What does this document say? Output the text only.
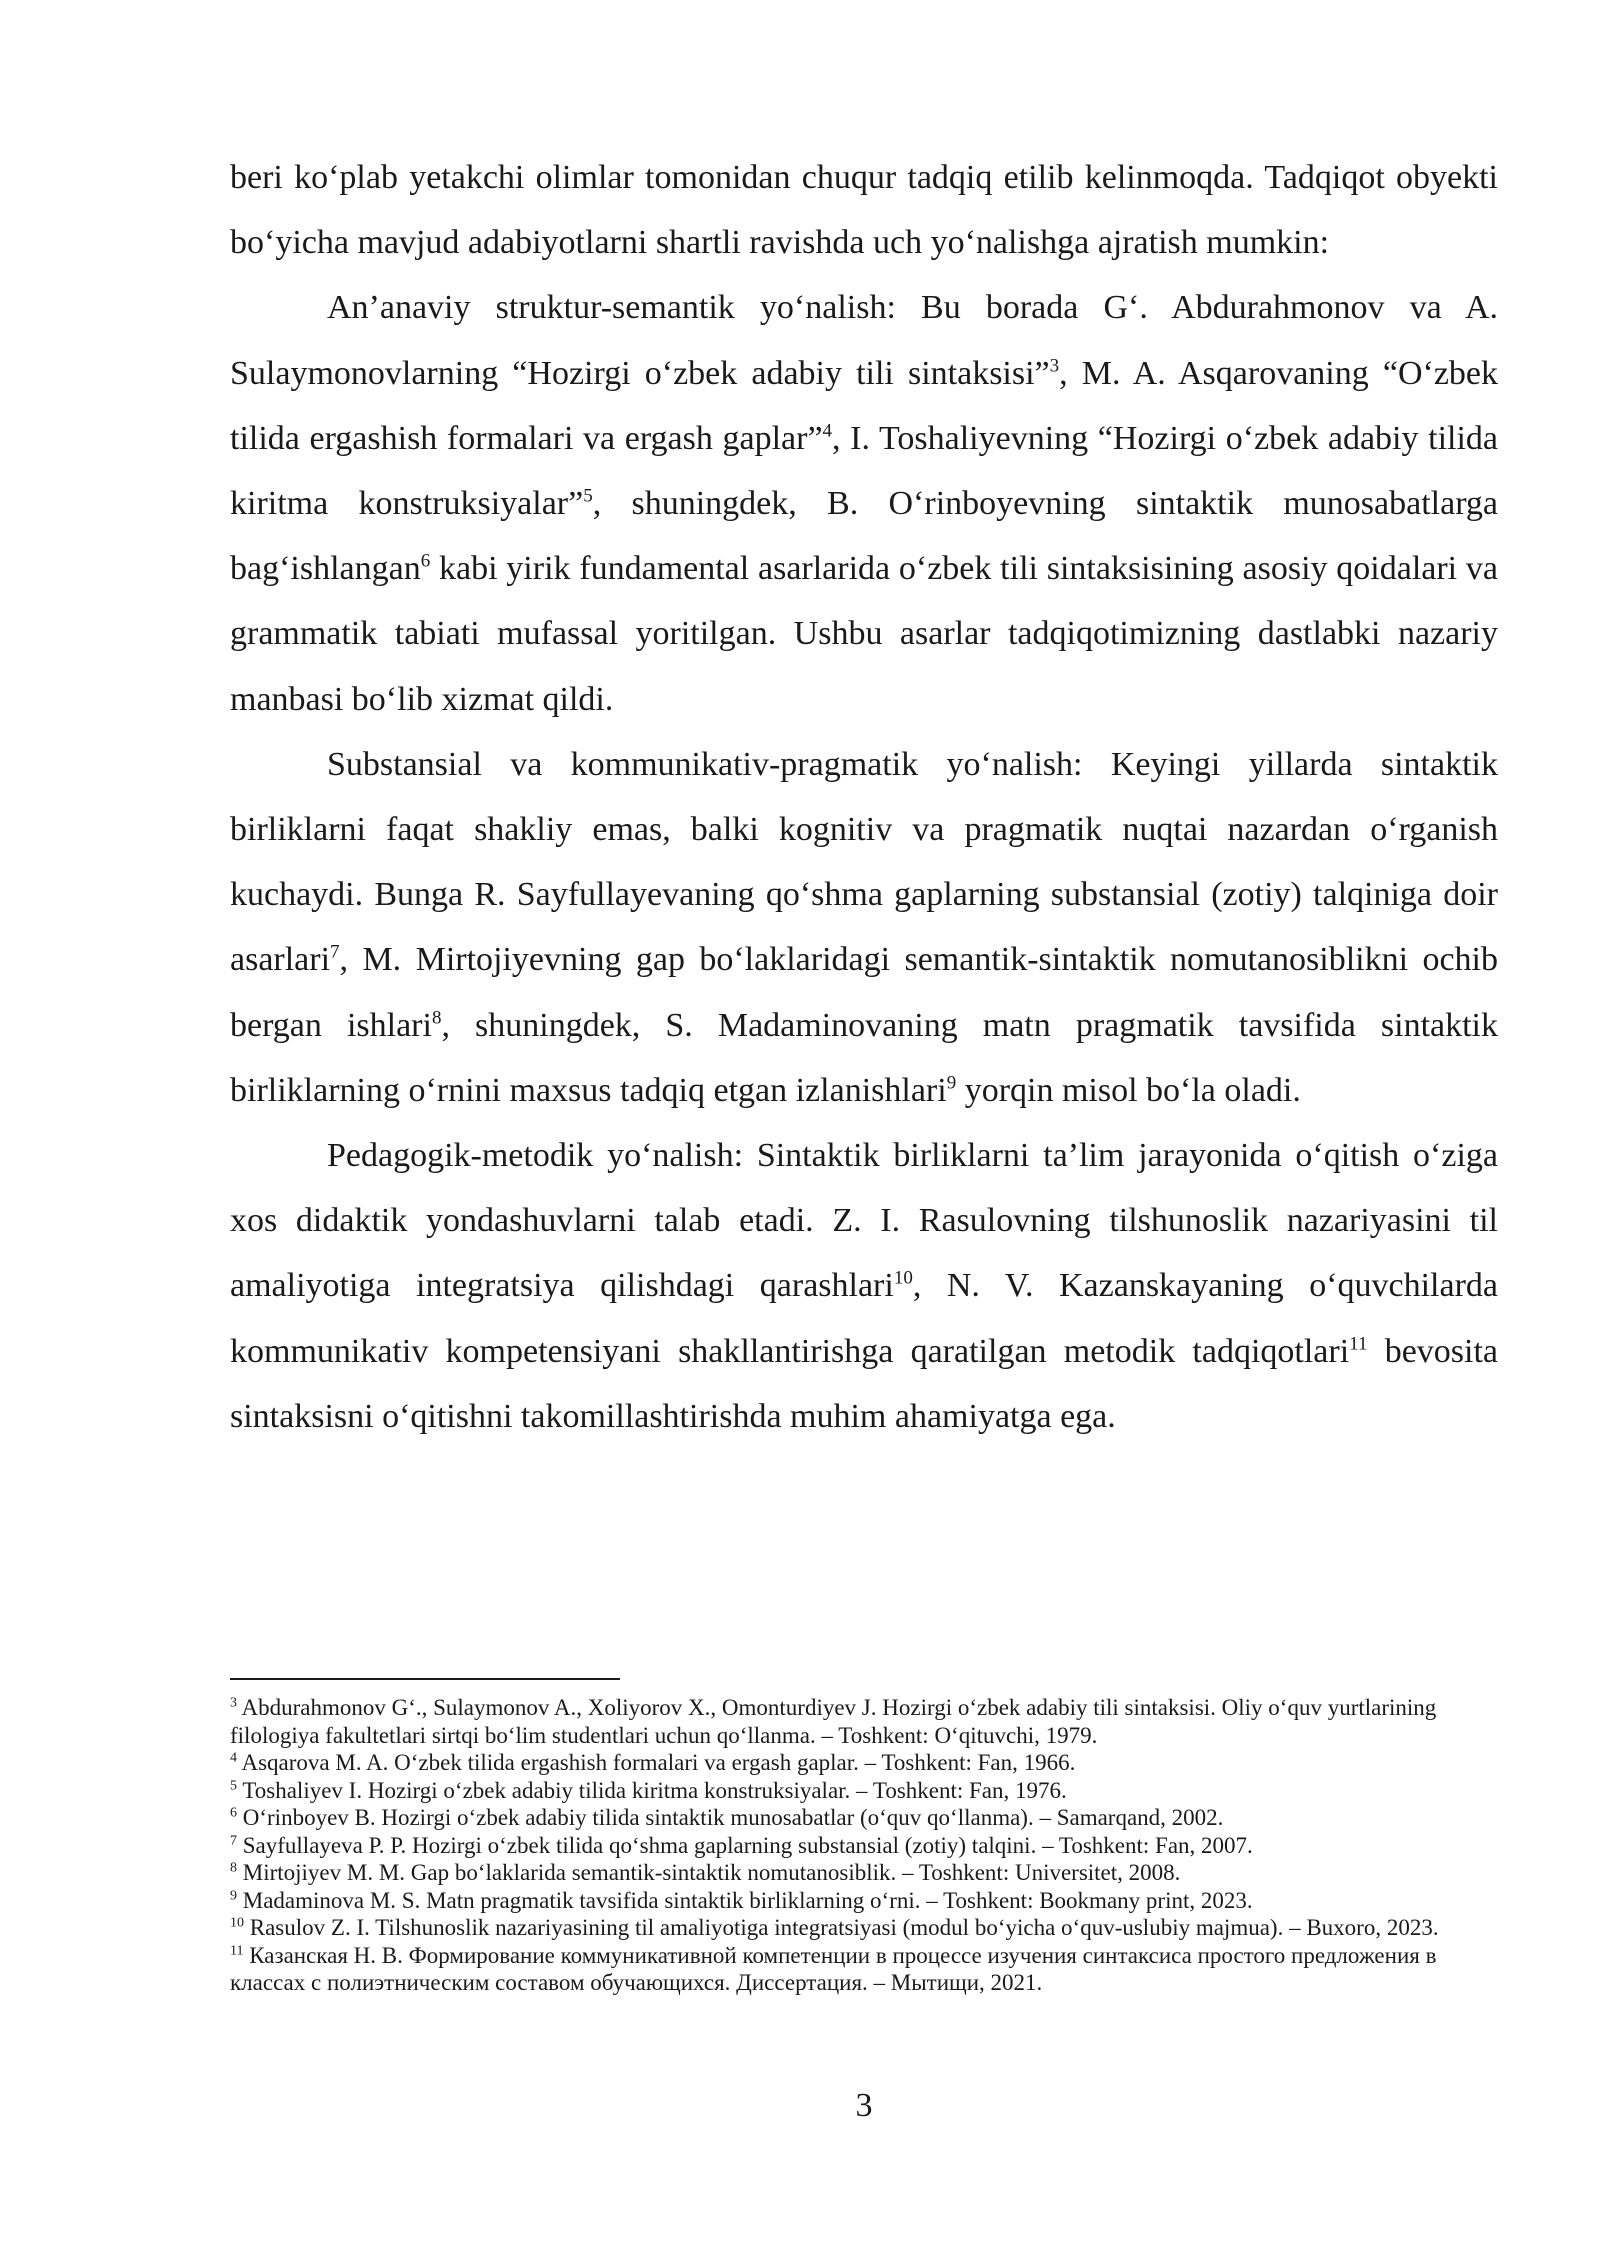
beri ko‘plab yetakchi olimlar tomonidan chuqur tadqiq etilib kelinmoqda. Tadqiqot obyekti bo‘yicha mavjud adabiyotlarni shartli ravishda uch yo‘nalishga ajratish mumkin:

An’anaviy struktur-semantik yo‘nalish: Bu borada G‘. Abdurahmonov va A. Sulaymonovlarning “Hozirgi o‘zbek adabiy tili sintaksisi”$^3$, M. A. Asqarovaning “O‘zbek tilida ergashish formalari va ergash gaplar”$^4$, I. Toshaliyevning “Hozirgi o‘zbek adabiy tilida kiritma konstruksiyalar”$^5$, shuningdek, B. O‘rinboyevning sintaktik munosabatlarga bag‘ishlangan$^6$ kabi yirik fundamental asarlarida o‘zbek tili sintaksisining asosiy qoidalari va grammatik tabiati mufassal yoritilgan. Ushbu asarlar tadqiqotimizning dastlabki nazariy manbasi bo‘lib xizmat qildi.

Substansial va kommunikativ-pragmatik yo‘nalish: Keyingi yillarda sintaktik birliklarni faqat shakliy emas, balki kognitiv va pragmatik nuqtai nazardan o‘rganish kuchaydi. Bunga R. Sayfullayevaning qo‘shma gaplarning substansial (zotiy) talqiniga doir asarlari$^7$, M. Mirtojiyevning gap bo‘laklaridagi semantik-sintaktik nomutanosiblikni ochib bergan ishlari$^8$, shuningdek, S. Madaminovaning matn pragmatik tavsifida sintaktik birliklarning o‘rnini maxsus tadqiq etgan izlanishlari$^9$ yorqin misol bo‘la oladi.

Pedagogik-metodik yo‘nalish: Sintaktik birliklarni ta’lim jarayonida o‘qitish o‘ziga xos didaktik yondashuvlarni talab etadi. Z. I. Rasulovning tilshunoslik nazariyasini til amaliyotiga integratsiya qilishdagi qarashlari$^{10}$, N. V. Kazanskayaning o‘quvchilarda kommunikativ kompetensiyani shakllantirishga qaratilgan metodik tadqiqotlari$^{11}$ bevosita sintaksisni o‘qitishni takomillashtirishda muhim ahamiyatga ega.

$^3$ Abdurahmonov G‘., Sulaymonov A., Xoliyorov X., Omonturdiyev J. Hozirgi o‘zbek adabiy tili sintaksisi. Oliy o‘quv yurtlarining filologiya fakultetlari sirtqi bo‘lim studentlari uchun qo‘llanma. – Toshkent: O‘qituvchi, 1979.

$^4$ Asqarova M. A. O‘zbek tilida ergashish formalari va ergash gaplar. – Toshkent: Fan, 1966.

$^5$ Toshaliyev I. Hozirgi o‘zbek adabiy tilida kiritma konstruksiyalar. – Toshkent: Fan, 1976.

$^6$ O‘rinboyev B. Hozirgi o‘zbek adabiy tilida sintaktik munosabatlar (o‘quv qo‘llanma). – Samarqand, 2002.

$^7$ Sayfullayeva P. P. Hozirgi o‘zbek tilida qo‘shma gaplarning substansial (zotiy) talqini. – Toshkent: Fan, 2007.

$^8$ Mirtojiyev M. M. Gap bo‘laklarida semantik-sintaktik nomutanosiblik. – Toshkent: Universitet, 2008.

$^9$ Madaminova M. S. Matn pragmatik tavsifida sintaktik birliklarning o‘rni. – Toshkent: Bookmany print, 2023.

$^{10}$ Rasulov Z. I. Tilshunoslik nazariyasining til amaliyotiga integratsiyasi (modul bo‘yicha o‘quv-uslubiy majmua). – Buxoro, 2023.

$^{11}$ Казанская Н. В. Формирование коммуникативной компетенции в процессе изучения синтаксиса простого предложения в классах с полиэтническим составом обучающихся. Диссертация. – Мытищи, 2021.

3
